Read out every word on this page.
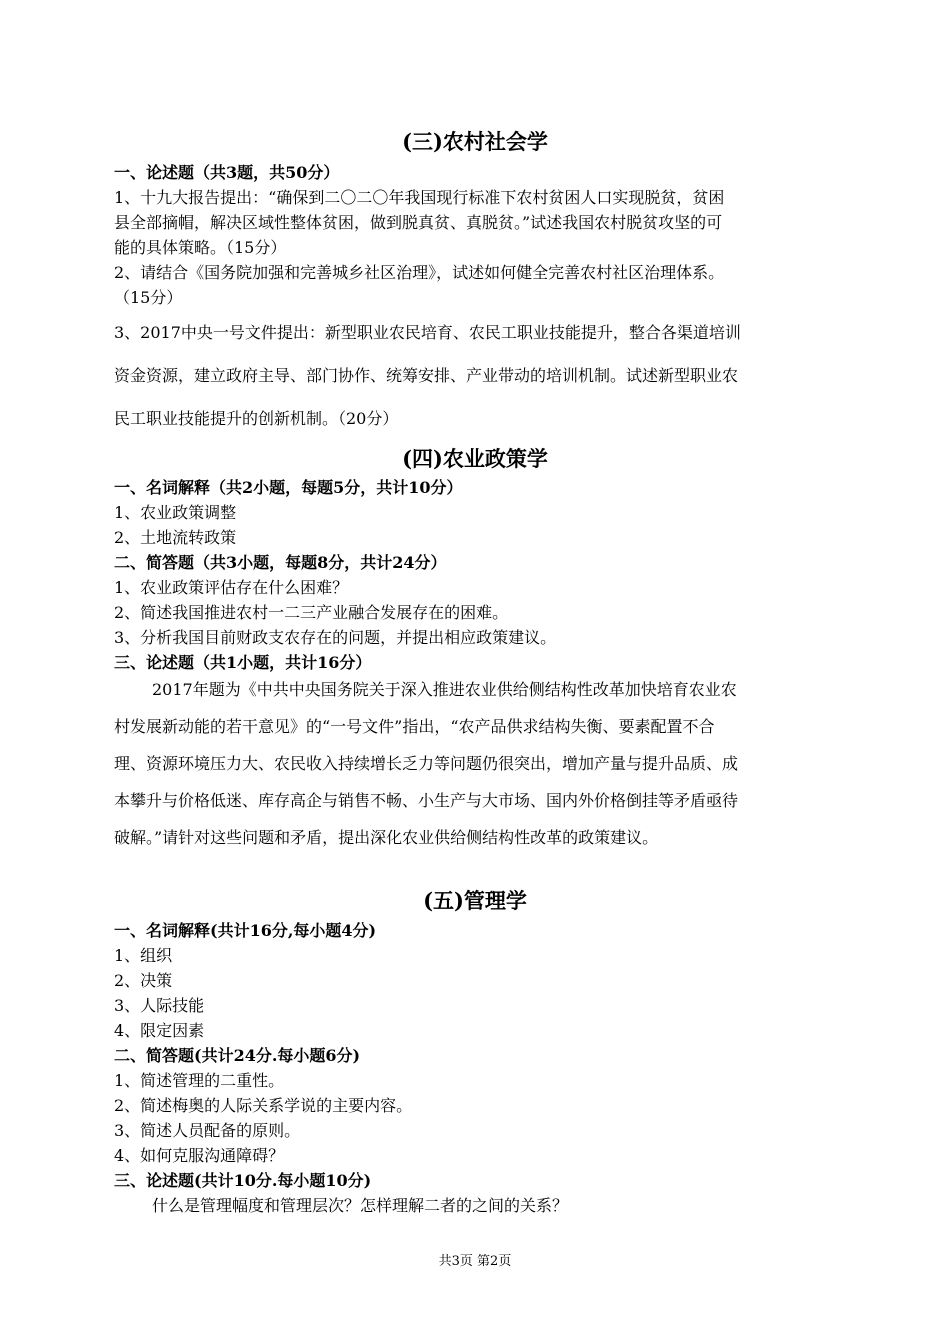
(三)农村社会学

一、论述题（共3题，共50分）

1、十九大报告提出：“确保到二〇二〇年我国现行标准下农村贫困人口实现脱贫，贫困

县全部摘帽，解决区域性整体贫困，做到脱真贫、真脱贫。”试述我国农村脱贫攻坚的可

能的具体策略。（15分）

2、请结合《国务院加强和完善城乡社区治理》，试述如何健全完善农村社区治理体系。

（15分）

3、2017中央一号文件提出：新型职业农民培育、农民工职业技能提升，整合各渠道培训

资金资源，建立政府主导、部门协作、统筹安排、产业带动的培训机制。试述新型职业农

民工职业技能提升的创新机制。（20分）

(四)农业政策学

一、名词解释（共2小题，每题5分，共计10分）

1、农业政策调整

2、土地流转政策

二、简答题（共3小题，每题8分，共计24分）

1、农业政策评估存在什么困难？

2、简述我国推进农村一二三产业融合发展存在的困难。

3、分析我国目前财政支农存在的问题，并提出相应政策建议。

三、论述题（共1小题，共计16分）

2017年题为《中共中央国务院关于深入推进农业供给侧结构性改革加快培育农业农

村发展新动能的若干意见》的“一号文件”指出，“农产品供求结构失衡、要素配置不合

理、资源环境压力大、农民收入持续增长乏力等问题仍很突出，增加产量与提升品质、成

本攀升与价格低迷、库存高企与销售不畅、小生产与大市场、国内外价格倒挂等矛盾亟待

破解。”请针对这些问题和矛盾，提出深化农业供给侧结构性改革的政策建议。

(五)管理学

一、名词解释(共计16分,每小题4分)

1、组织

2、决策

3、人际技能

4、限定因素

二、简答题(共计24分.每小题6分)

1、简述管理的二重性。

2、简述梅奥的人际关系学说的主要内容。

3、简述人员配备的原则。

4、如何克服沟通障碍？

三、论述题(共计10分.每小题10分)

什么是管理幅度和管理层次？怎样理解二者的之间的关系？

共3页 第2页
